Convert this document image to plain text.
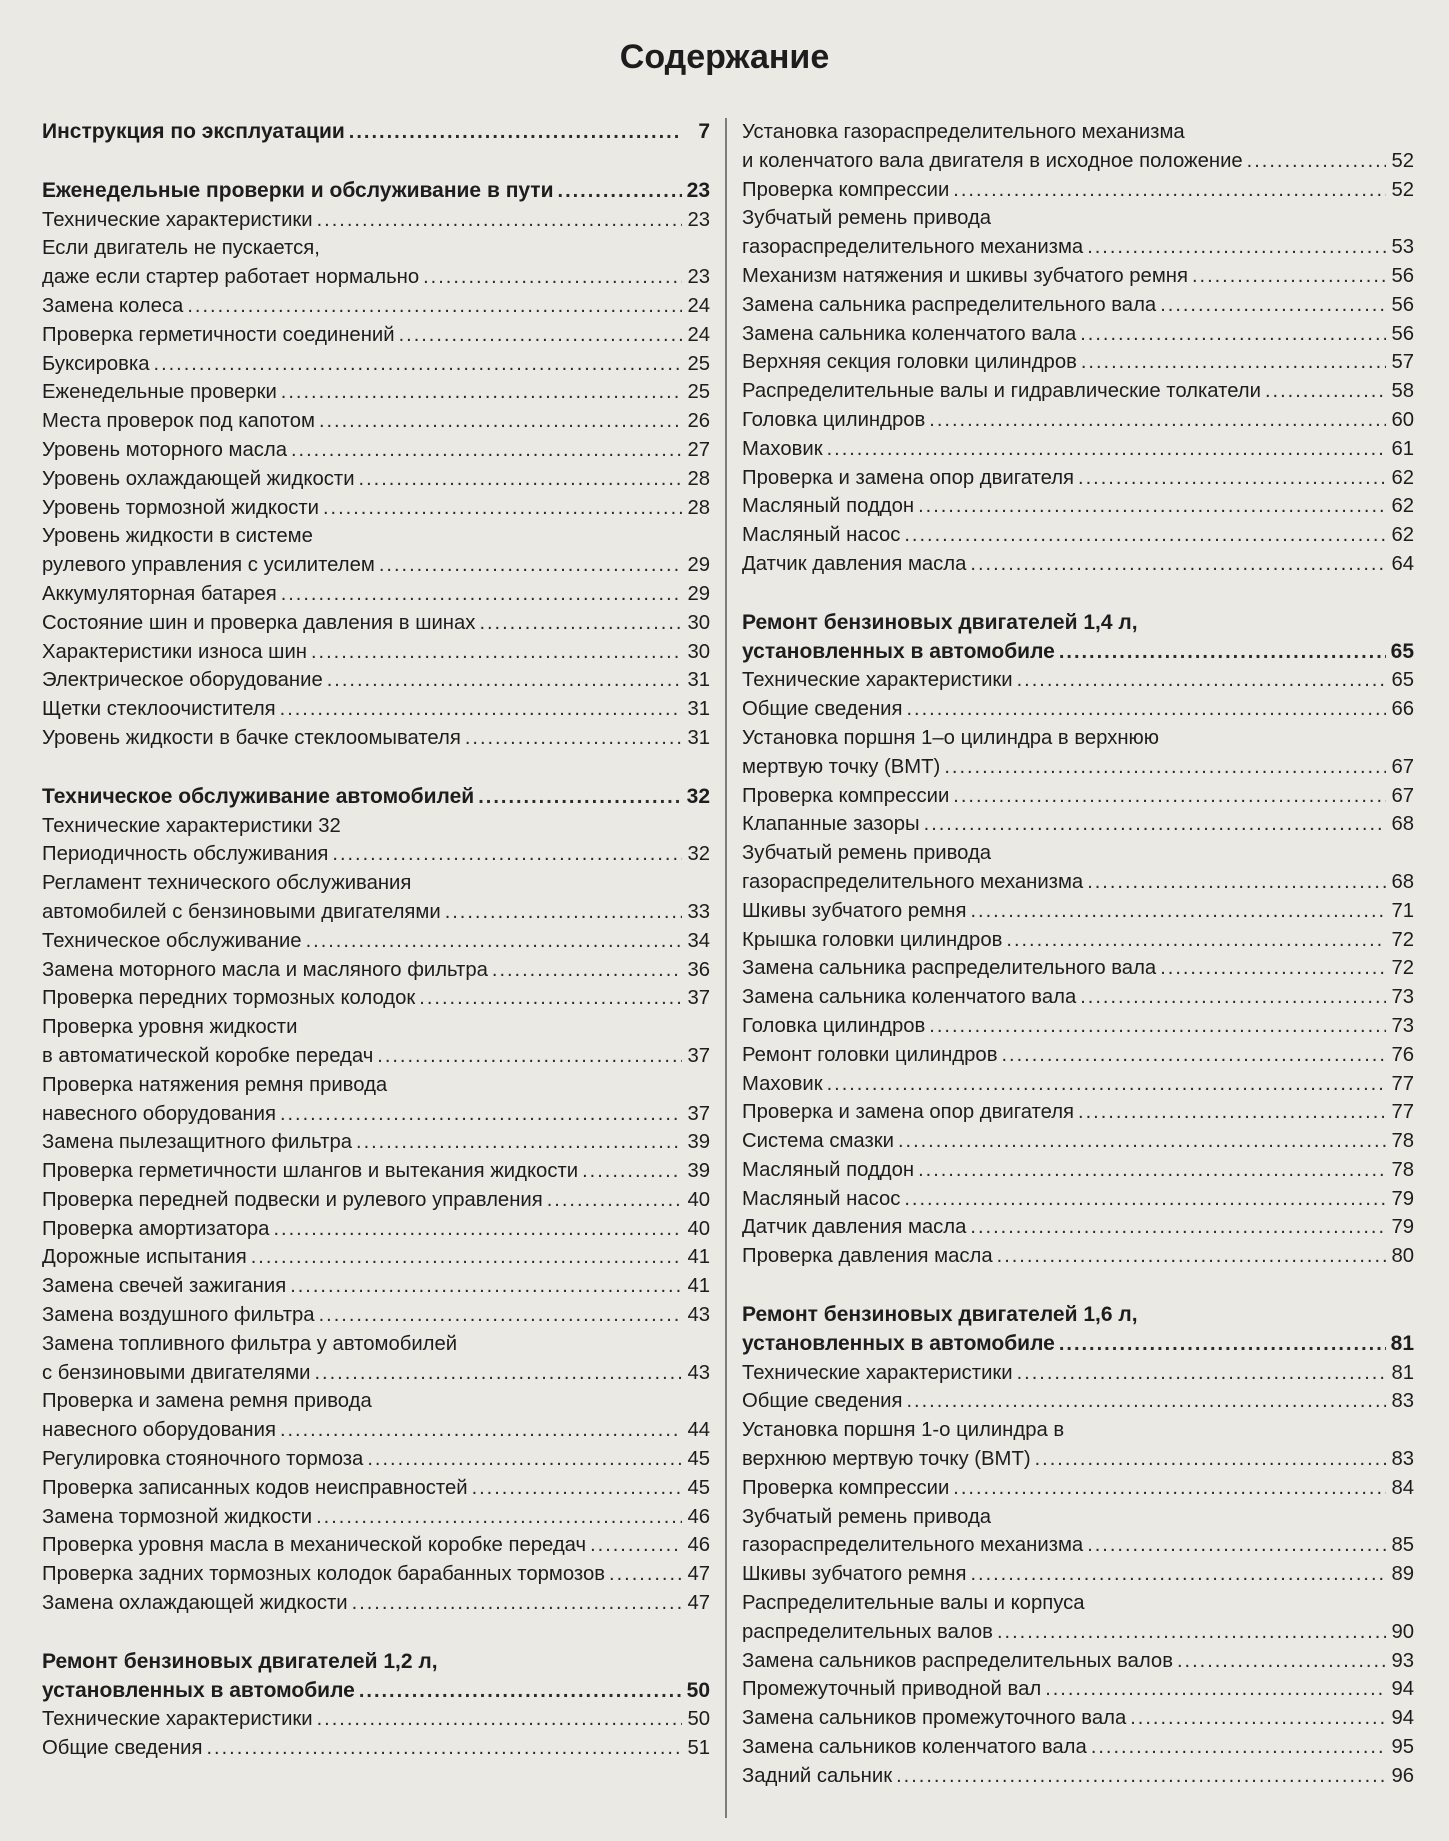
Содержание
Инструкция по эксплуатации .....	7
Еженедельные проверки и обслуживание в пути .....	23
Технические характеристики .....	23
Если двигатель не пускается,
даже если стартер работает нормально .....	23
Замена колеса .....	24
Проверка герметичности соединений .....	24
Буксировка .....	25
Еженедельные проверки .....	25
Места проверок под капотом .....	26
Уровень моторного масла .....	27
Уровень охлаждающей жидкости .....	28
Уровень тормозной жидкости .....	28
Уровень жидкости в системе
рулевого управления с усилителем .....	29
Аккумуляторная батарея .....	29
Состояние шин и проверка давления в шинах .....	30
Характеристики износа шин .....	30
Электрическое оборудование .....	31
Щетки стеклоочистителя .....	31
Уровень жидкости в бачке стеклоомывателя .....	31
Техническое обслуживание автомобилей .....	32
Технические характеристики 32
Периодичность обслуживания .....	32
Регламент технического обслуживания
автомобилей с бензиновыми двигателями .....	33
Техническое обслуживание .....	34
Замена моторного масла и масляного фильтра .....	36
Проверка передних тормозных колодок .....	37
Проверка уровня жидкости
в автоматической коробке передач .....	37
Проверка натяжения ремня привода
навесного оборудования .....	37
Замена пылезащитного фильтра .....	39
Проверка герметичности шлангов и вытекания жидкости .....	39
Проверка передней подвески и рулевого управления .....	40
Проверка амортизатора .....	40
Дорожные испытания .....	41
Замена свечей зажигания .....	41
Замена воздушного фильтра .....	43
Замена топливного фильтра у автомобилей
с бензиновыми двигателями .....	43
Проверка и замена ремня привода
навесного оборудования .....	44
Регулировка стояночного тормоза .....	45
Проверка записанных кодов неисправностей .....	45
Замена тормозной жидкости .....	46
Проверка уровня масла в механической коробке передач .....	46
Проверка задних тормозных колодок барабанных тормозов .....	47
Замена охлаждающей жидкости .....	47
Ремонт бензиновых двигателей 1,2 л,
установленных в автомобиле .....	50
Технические характеристики .....	50
Общие сведения .....	51
Установка газораспределительного механизма
и коленчатого вала двигателя в исходное положение .....	52
Проверка компрессии .....	52
Зубчатый ремень привода
газораспределительного механизма .....	53
Механизм натяжения и шкивы зубчатого ремня .....	56
Замена сальника распределительного вала .....	56
Замена сальника коленчатого вала .....	56
Верхняя секция головки цилиндров .....	57
Распределительные валы и гидравлические толкатели .....	58
Головка цилиндров .....	60
Маховик .....	61
Проверка и замена опор двигателя .....	62
Масляный поддон .....	62
Масляный насос .....	62
Датчик давления масла .....	64
Ремонт бензиновых двигателей 1,4 л,
установленных в автомобиле .....	65
Технические характеристики .....	65
Общие сведения .....	66
Установка поршня 1–о цилиндра в верхнюю
мертвую точку (ВМТ) .....	67
Проверка компрессии .....	67
Клапанные зазоры .....	68
Зубчатый ремень привода
газораспределительного механизма .....	68
Шкивы зубчатого ремня .....	71
Крышка головки цилиндров .....	72
Замена сальника распределительного вала .....	72
Замена сальника коленчатого вала .....	73
Головка цилиндров .....	73
Ремонт головки цилиндров .....	76
Маховик .....	77
Проверка и замена опор двигателя .....	77
Система смазки .....	78
Масляный поддон .....	78
Масляный насос .....	79
Датчик давления масла .....	79
Проверка давления масла .....	80
Ремонт бензиновых двигателей 1,6 л,
установленных в автомобиле .....	81
Технические характеристики .....	81
Общие сведения .....	83
Установка поршня 1-о цилиндра в
верхнюю мертвую точку (ВМТ) .....	83
Проверка компрессии .....	84
Зубчатый ремень привода
газораспределительного механизма .....	85
Шкивы зубчатого ремня .....	89
Распределительные валы и корпуса
распределительных валов .....	90
Замена сальников распределительных валов .....	93
Промежуточный приводной вал .....	94
Замена сальников промежуточного вала .....	94
Замена сальников коленчатого вала .....	95
Задний сальник .....	96
